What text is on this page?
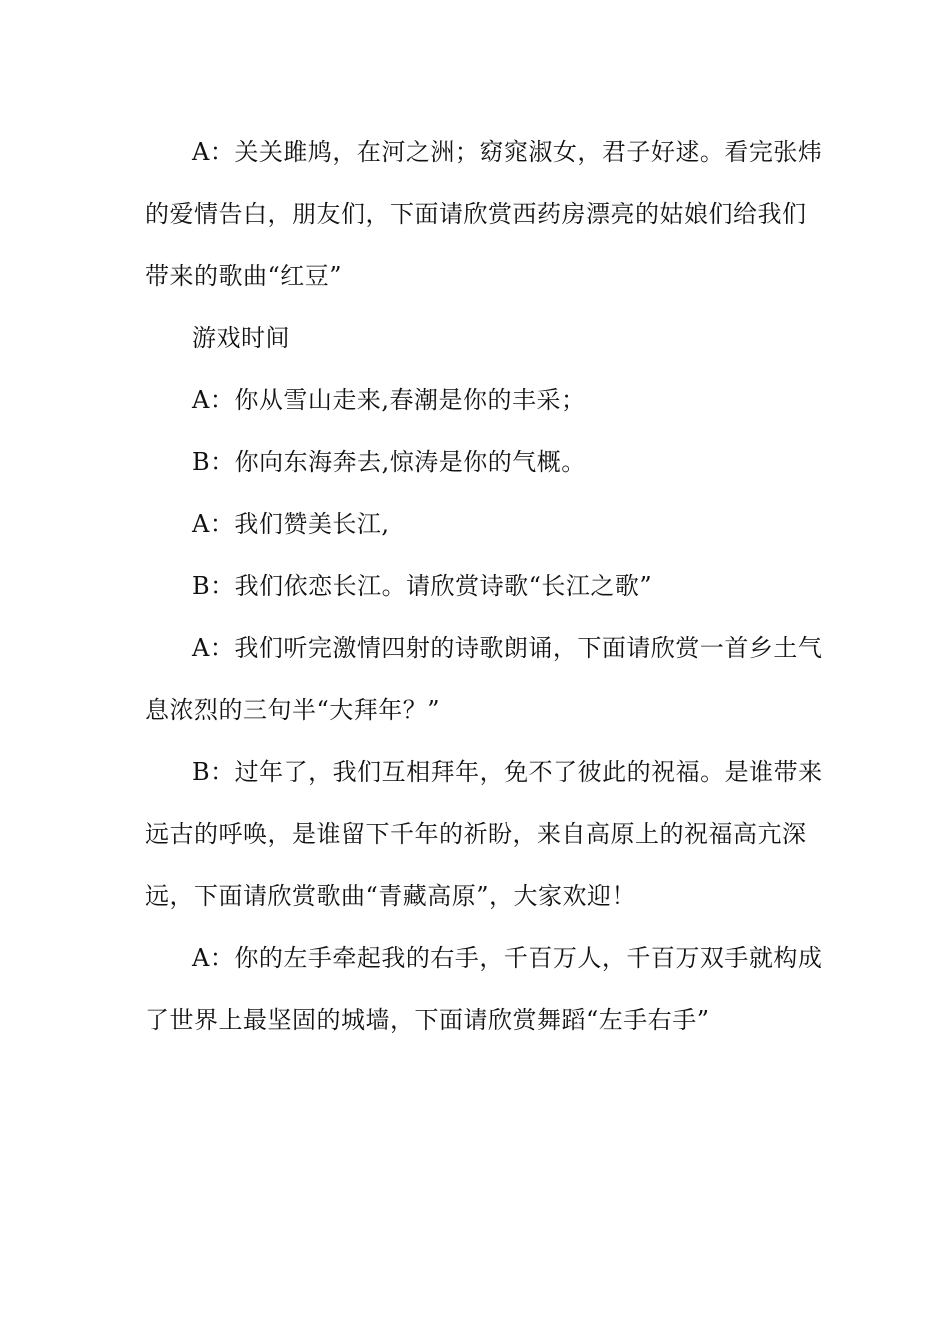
A：关关雎鸠，在河之洲；窈窕淑女，君子好逑。看完张炜
的爱情告白，朋友们，下面请欣赏西药房漂亮的姑娘们给我们
带来的歌曲“红豆”
游戏时间
A：你从雪山走来,春潮是你的丰采；
B：你向东海奔去,惊涛是你的气概。
A：我们赞美长江,
B：我们依恋长江。请欣赏诗歌“长江之歌”
A：我们听完激情四射的诗歌朗诵，下面请欣赏一首乡土气
息浓烈的三句半“大拜年？”
B：过年了，我们互相拜年，免不了彼此的祝福。是谁带来
远古的呼唤，是谁留下千年的祈盼，来自高原上的祝福高亢深
远，下面请欣赏歌曲“青藏高原”，大家欢迎！
A：你的左手牵起我的右手，千百万人，千百万双手就构成
了世界上最坚固的城墙，下面请欣赏舞蹈“左手右手”
